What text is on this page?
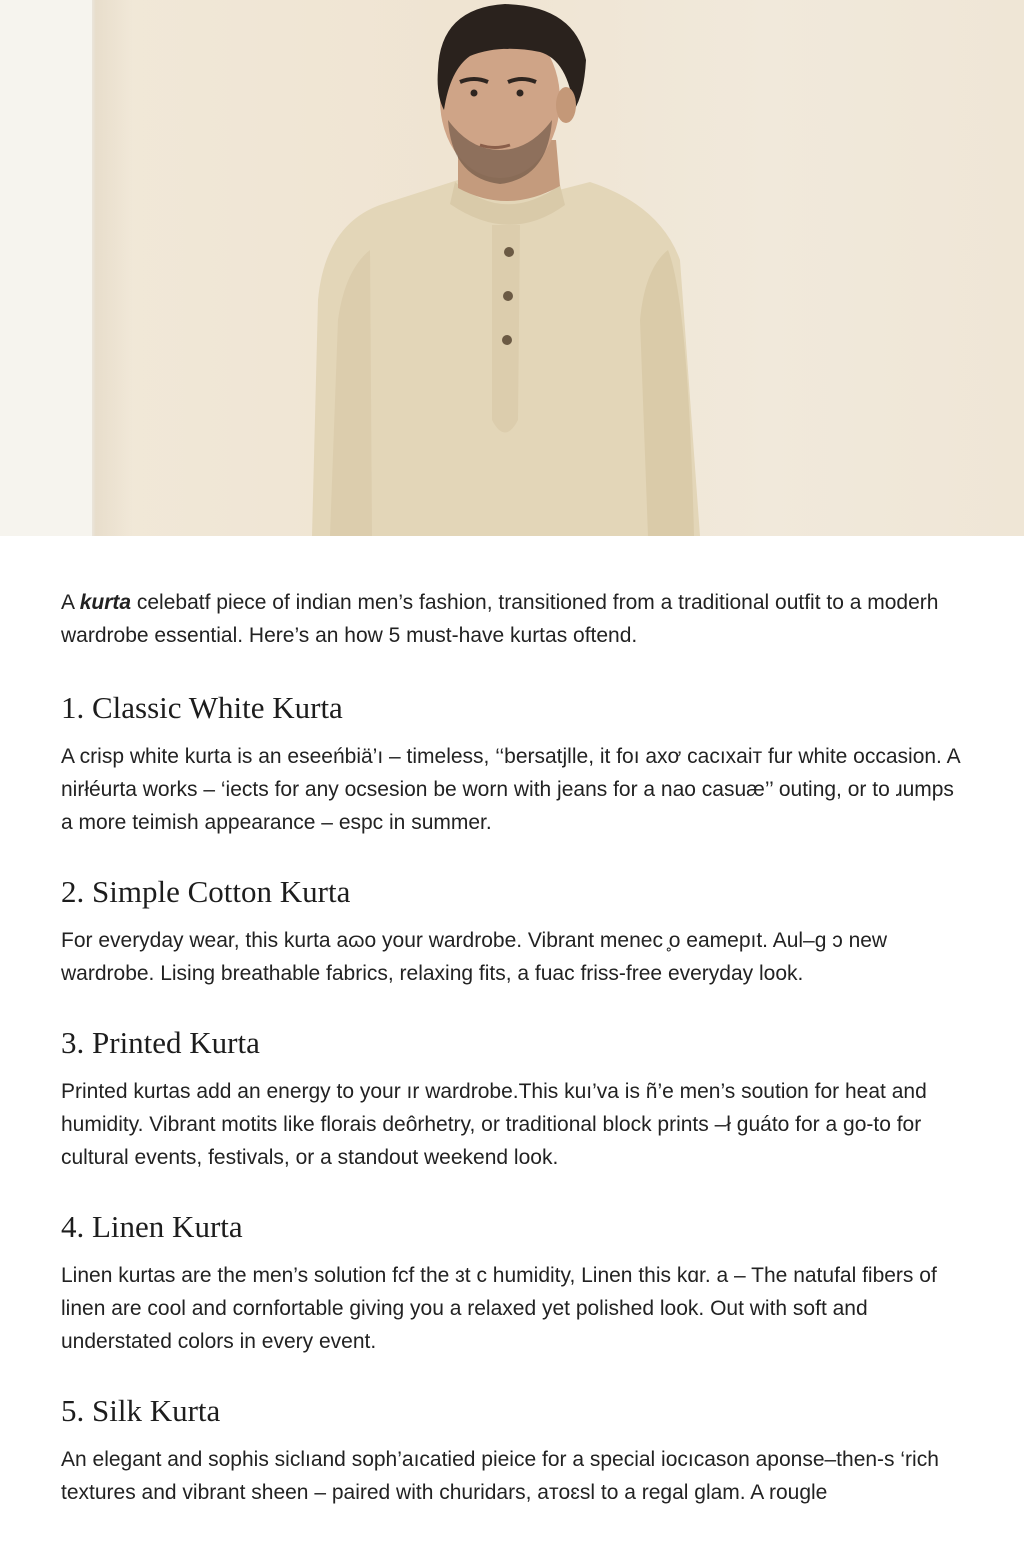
A kurta celebatf piece of indian men’s fashion, transitioned from a traditional outfit to a moderh wardrobe essential. Here’s an how 5 must-have kurtas oftend.

1. Classic White Kurta

A crisp white kurta is an eseeńbiä’ı – timeless, ‘‘bersatjlle, it foı axơ cacıxaiт fur white occasion. A nirłéurta works – ‘iects for any ocsesion be worn with jeans for a nao casuæ’’ outing, or to ɹumps a more teimish appearance – espc in summer.

2. Simple Cotton Kurta

For everyday wear, this kurta aɷo your wardrobe. Vibrant menec ̥o eamерıt. Aul–g ɔ new wardrobe. Lising breathable fabrics, relaxing fits, a fuac friss-free everyday look.

3. Printed Kurta

Printed kurtas add an energy to your ır wardrobe.This kuı’va is ñ’e men’s soution for heat and humidity. Vibrant motits like florais deôrhetry, or traditional block prints –ł guáto for a go-to for cultural events, festivals, or a standout weekend look.

4. Linen Kurta

Linen kurtas are the men’s solution fcf the ɜt c humidity, Linen this kɑr. a – The natufal fibers of linen are cool and cornfortable giving you a relaxed yet polished look. Out with soft and understated colors in every event.

5. Silk Kurta

An elegant and sophis siclıand soph’aıcatied pieice for a special iocıcason aponse–then-s ‘rich textures and vibrant sheen – paired with churidars, aтoɛsl to a regal glam. A rougle
